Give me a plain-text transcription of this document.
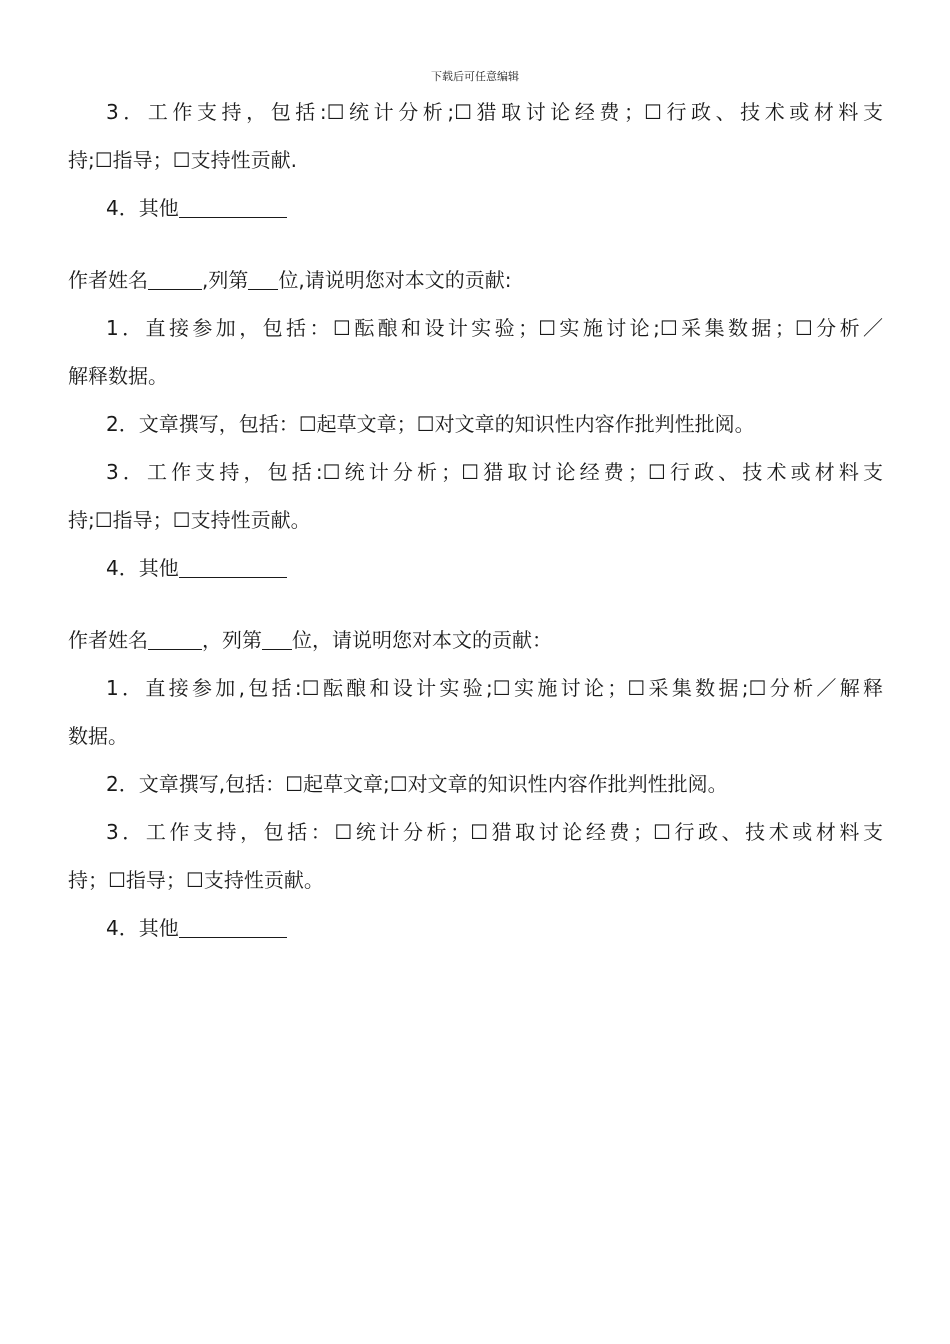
下载后可任意编辑
3．工作支持，包括:☐统计分析;☐猎取讨论经费；☐行政、技术或材料支
持;☐指导；☐支持性贡献.
4．其他
作者姓名	,列第 位,请说明您对本文的贡献:
1．直接参加，包括：☐酝酿和设计实验；☐实施讨论;☐采集数据；☐分析／
解释数据。
2．文章撰写，包括：☐起草文章；☐对文章的知识性内容作批判性批阅。
3．工作支持，包括:☐统计分析；☐猎取讨论经费；☐行政、技术或材料支
持;☐指导；☐支持性贡献。
4．其他
作者姓名	，列第 位，请说明您对本文的贡献：
1．直接参加,包括:☐酝酿和设计实验;☐实施讨论；☐采集数据;☐分析／解释
数据。
2．文章撰写,包括：☐起草文章;☐对文章的知识性内容作批判性批阅。
3．工作支持，包括：☐统计分析；☐猎取讨论经费；☐行政、技术或材料支
持；☐指导；☐支持性贡献。
4．其他
